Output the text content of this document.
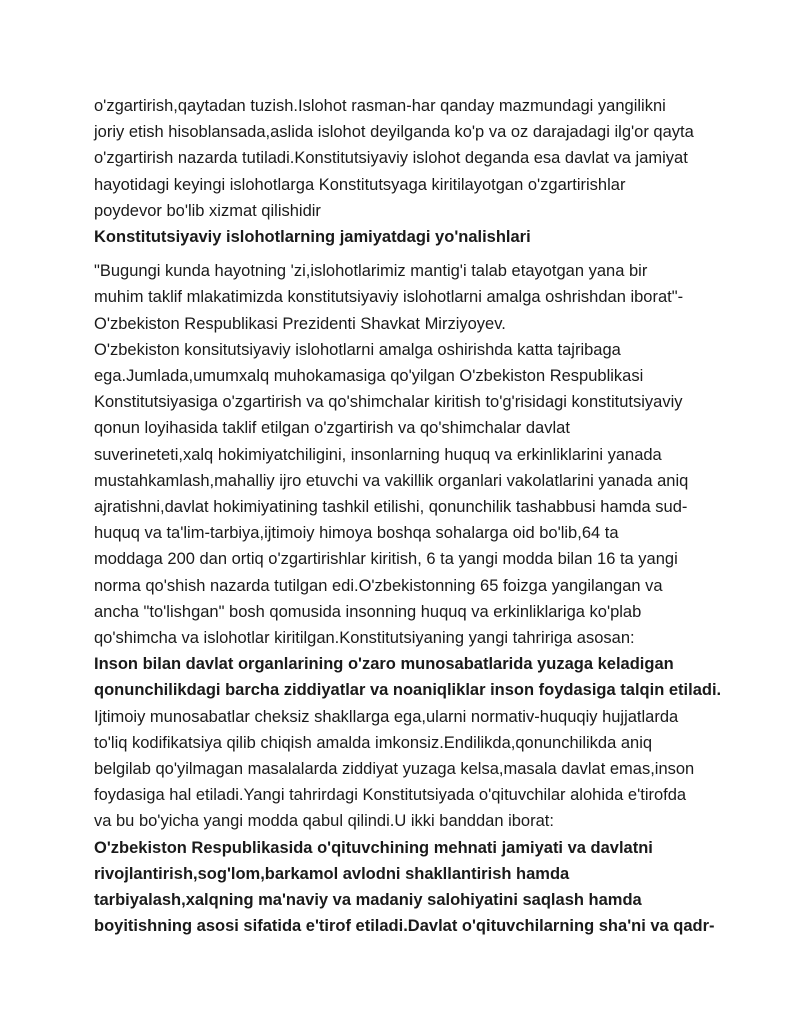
o'zgartirish,qaytadan tuzish.Islohot rasman-har qanday mazmundagi yangilikni
joriy etish hisoblansada,aslida islohot deyilganda ko'p va oz darajadagi ilg'or qayta
o'zgartirish nazarda tutiladi.Konstitutsiyaviy islohot deganda esa davlat va jamiyat
hayotidagi keyingi islohotlarga Konstitutsyaga kiritilayotgan o'zgartirishlar
poydevor bo'lib xizmat qilishidir
Konstitutsiyaviy islohotlarning jamiyatdagi yo'nalishlari
"Bugungi kunda hayotning 'zi,islohotlarimiz mantig'i talab etayotgan yana bir
muhim taklif mlakatimizda konstitutsiyaviy islohotlarni amalga oshrishdan iborat"-
O'zbekiston Respublikasi Prezidenti Shavkat Mirziyoyev.
O'zbekiston konsitutsiyaviy islohotlarni amalga oshirishda katta tajribaga
ega.Jumlada,umumxalq muhokamasiga qo'yilgan O'zbekiston Respublikasi
Konstitutsiyasiga o'zgartirish va qo'shimchalar kiritish to'g'risidagi konstitutsiyaviy
qonun loyihasida taklif etilgan o'zgartirish va qo'shimchalar davlat
suverineteti,xalq hokimiyatchiligini, insonlarning huquq va erkinliklarini yanada
mustahkamlash,mahalliy ijro etuvchi va vakillik organlari vakolatlarini yanada aniq
ajratishni,davlat hokimiyatining tashkil etilishi, qonunchilik tashabbusi hamda sud-
huquq va ta'lim-tarbiya,ijtimoiy himoya boshqa sohalarga oid bo'lib,64 ta
moddaga 200 dan ortiq o'zgartirishlar kiritish, 6 ta yangi modda bilan 16 ta yangi
norma qo'shish nazarda tutilgan edi.O'zbekistonning 65 foizga yangilangan va
ancha "to'lishgan" bosh qomusida insonning huquq va erkinliklariga ko'plab
qo'shimcha va islohotlar kiritilgan.Konstitutsiyaning yangi tahririga asosan:
Inson bilan davlat organlarining o'zaro munosabatlarida yuzaga keladigan
qonunchilikdagi barcha ziddiyatlar va noaniqliklar inson foydasiga talqin etiladi.
Ijtimoiy munosabatlar cheksiz shakllarga ega,ularni normativ-huquqiy hujjatlarda
to'liq kodifikatsiya qilib chiqish amalda imkonsiz.Endilikda,qonunchilikda aniq
belgilab qo'yilmagan masalalarda ziddiyat yuzaga kelsa,masala davlat emas,inson
foydasiga hal etiladi.Yangi tahrirdagi Konstitutsiyada o'qituvchilar alohida e'tirofda
va bu bo'yicha yangi modda qabul qilindi.U ikki banddan iborat:
O'zbekiston Respublikasida o'qituvchining mehnati jamiyati va davlatni
rivojlantirish,sog'lom,barkamol avlodni shakllantirish hamda
tarbiyalash,xalqning ma'naviy va madaniy salohiyatini saqlash hamda
boyitishning asosi sifatida e'tirof etiladi.Davlat o'qituvchilarning sha'ni va qadr-
